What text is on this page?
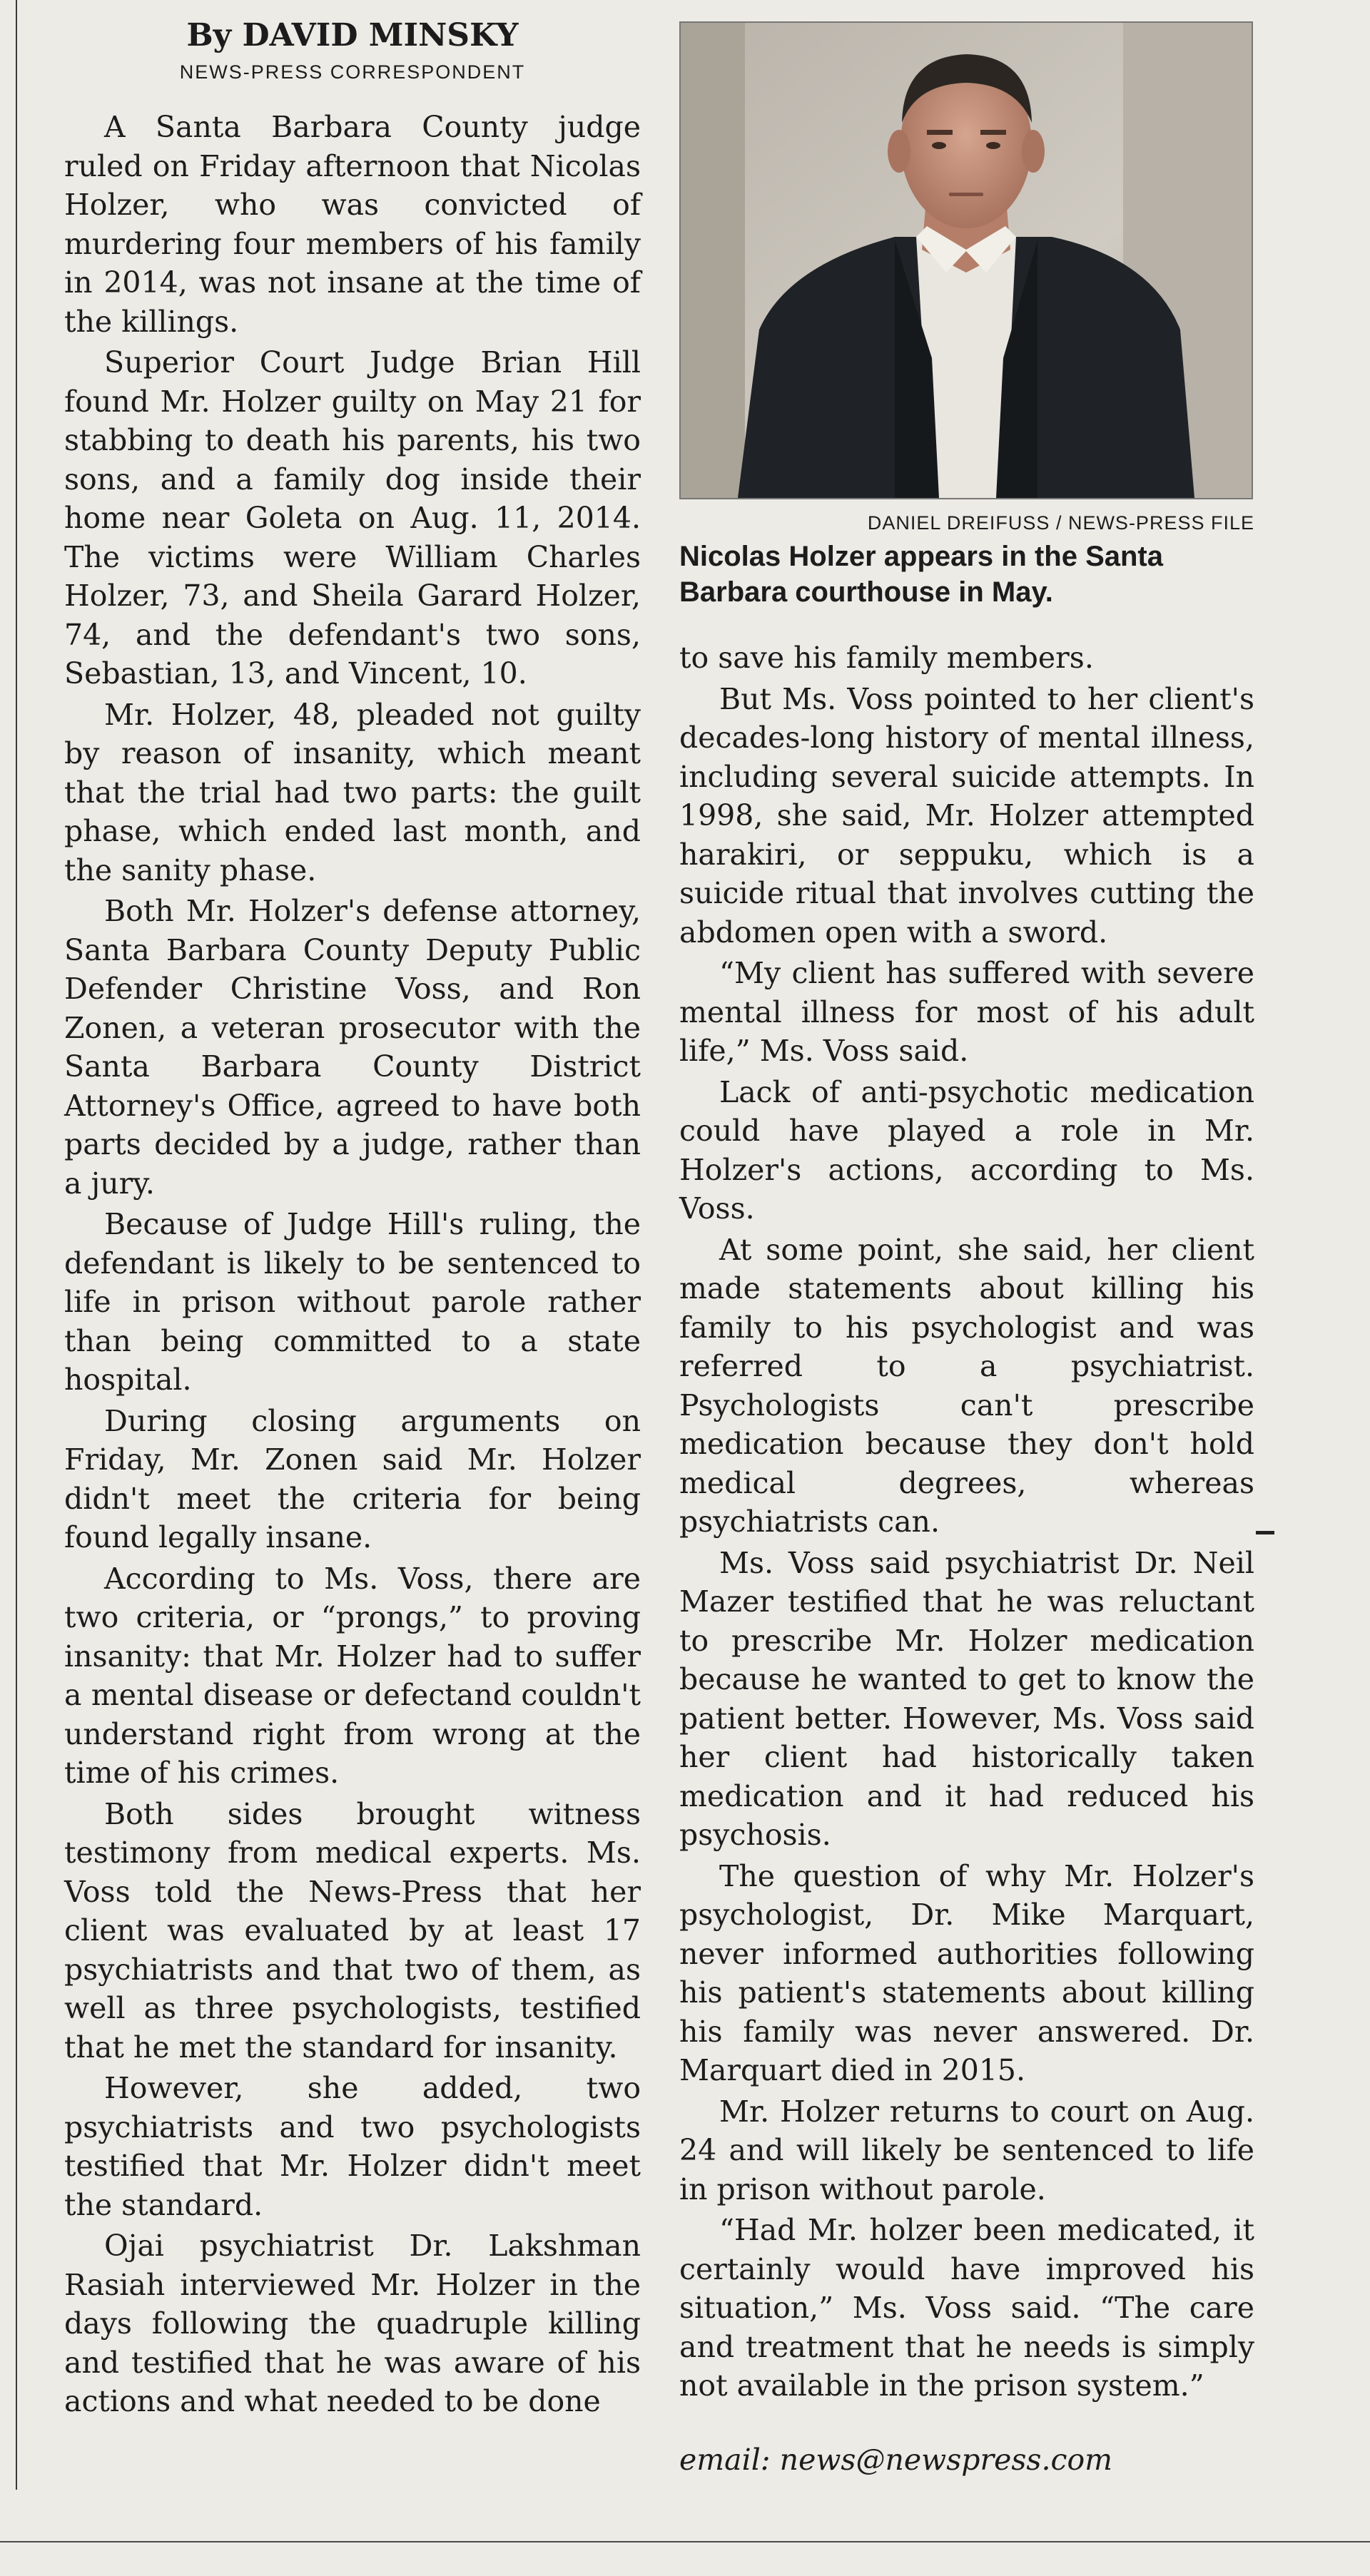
By DAVID MINSKY

NEWS-PRESS CORRESPONDENT

A Santa Barbara County judge ruled on Friday afternoon that Nicolas Holzer, who was convicted of murdering four members of his family in 2014, was not insane at the time of the killings.

Superior Court Judge Brian Hill found Mr. Holzer guilty on May 21 for stabbing to death his parents, his two sons, and a family dog inside their home near Goleta on Aug. 11, 2014. The victims were William Charles Holzer, 73, and Sheila Garard Holzer, 74, and the defendant's two sons, Sebastian, 13, and Vincent, 10.

Mr. Holzer, 48, pleaded not guilty by reason of insanity, which meant that the trial had two parts: the guilt phase, which ended last month, and the sanity phase.

Both Mr. Holzer's defense attorney, Santa Barbara County Deputy Public Defender Christine Voss, and Ron Zonen, a veteran prosecutor with the Santa Barbara County District Attorney's Office, agreed to have both parts decided by a judge, rather than a jury.

Because of Judge Hill's ruling, the defendant is likely to be sentenced to life in prison without parole rather than being committed to a state hospital.

During closing arguments on Friday, Mr. Zonen said Mr. Holzer didn't meet the criteria for being found legally insane.

According to Ms. Voss, there are two criteria, or “prongs,” to proving insanity: that Mr. Holzer had to suffer a mental disease or defectand couldn't understand right from wrong at the time of his crimes.

Both sides brought witness testimony from medical experts. Ms. Voss told the News-Press that her client was evaluated by at least 17 psychiatrists and that two of them, as well as three psychologists, testified that he met the standard for insanity.

However, she added, two psychiatrists and two psychologists testified that Mr. Holzer didn't meet the standard.

Ojai psychiatrist Dr. Lakshman Rasiah interviewed Mr. Holzer in the days following the quadruple killing and testified that he was aware of his actions and what needed to be done

DANIEL DREIFUSS / NEWS-PRESS FILE

Nicolas Holzer appears in the Santa Barbara courthouse in May.

to save his family members.

But Ms. Voss pointed to her client's decades-long history of mental illness, including several suicide attempts. In 1998, she said, Mr. Holzer attempted harakiri, or seppuku, which is a suicide ritual that involves cutting the abdomen open with a sword.

“My client has suffered with severe mental illness for most of his adult life,” Ms. Voss said.

Lack of anti-psychotic medication could have played a role in Mr. Holzer's actions, according to Ms. Voss.

At some point, she said, her client made statements about killing his family to his psychologist and was referred to a psychiatrist. Psychologists can't prescribe medication because they don't hold medical degrees, whereas psychiatrists can.

Ms. Voss said psychiatrist Dr. Neil Mazer testified that he was reluctant to prescribe Mr. Holzer medication because he wanted to get to know the patient better. However, Ms. Voss said her client had historically taken medication and it had reduced his psychosis.

The question of why Mr. Holzer's psychologist, Dr. Mike Marquart, never informed authorities following his patient's statements about killing his family was never answered. Dr. Marquart died in 2015.

Mr. Holzer returns to court on Aug. 24 and will likely be sentenced to life in prison without parole.

“Had Mr. holzer been medicated, it certainly would have improved his situation,” Ms. Voss said. “The care and treatment that he needs is simply not available in the prison system.”

email: news@newspress.com
